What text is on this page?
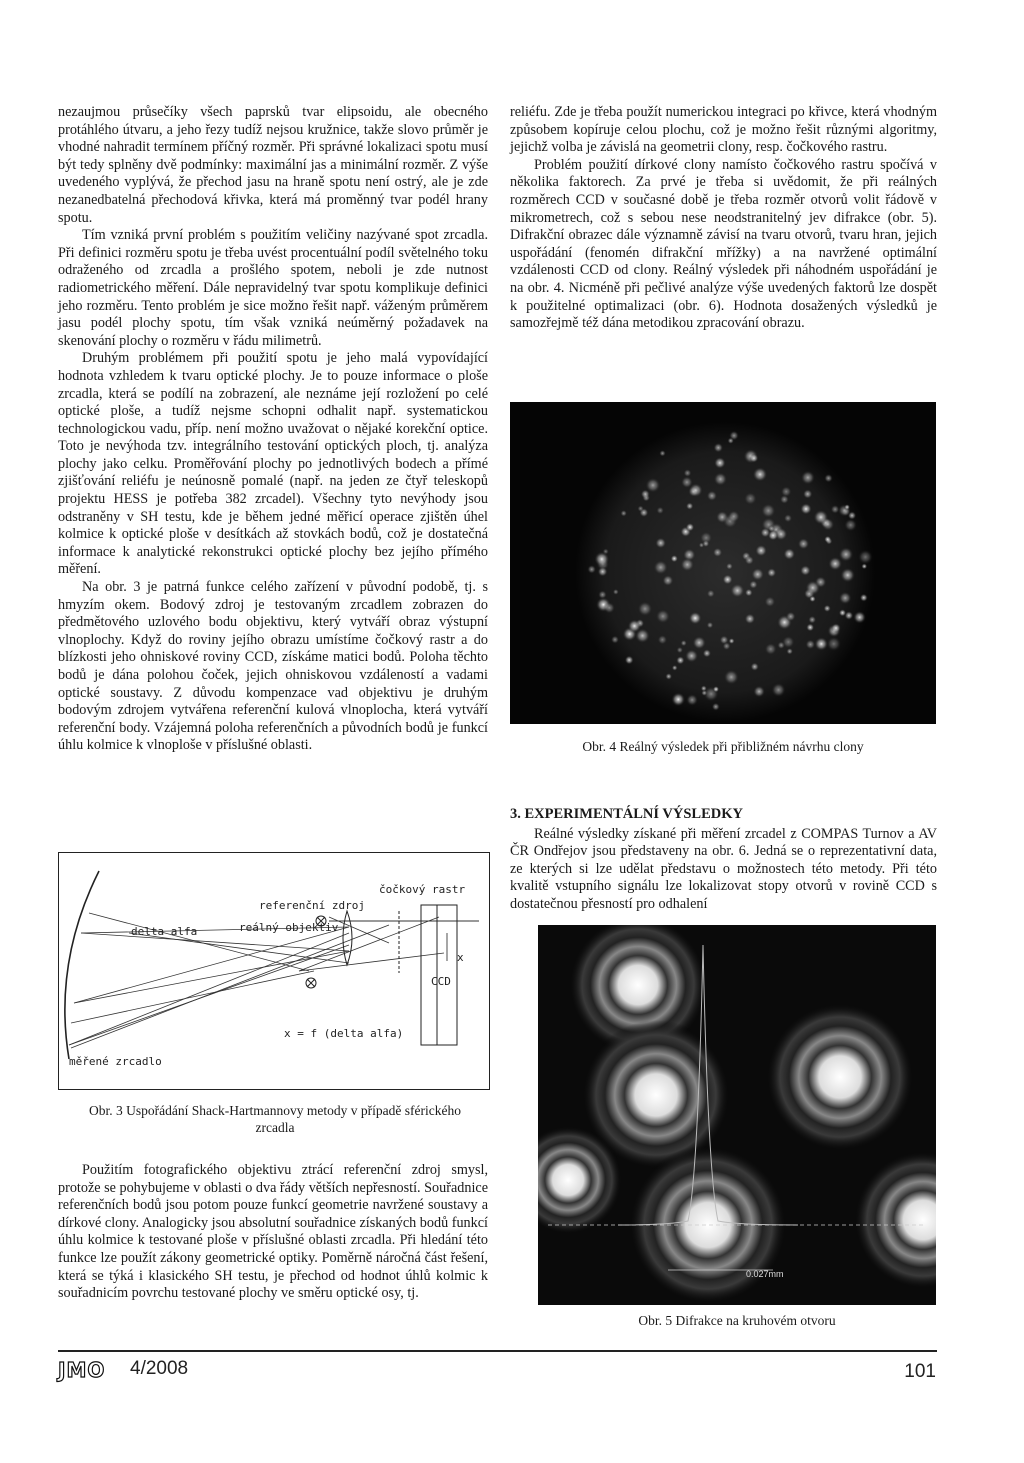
nezaujmou průsečíky všech paprsků tvar elipsoidu, ale obecného protáhlého útvaru, a jeho řezy tudíž nejsou kružnice, takže slovo průměr je vhodné nahradit termínem příčný rozměr. Při správné lokalizaci spotu musí být tedy splněny dvě podmínky: maximální jas a minimální rozměr. Z výše uvedeného vyplývá, že přechod jasu na hraně spotu není ostrý, ale je zde nezanedbatelná přechodová křivka, která má proměnný tvar podél hrany spotu.

Tím vzniká první problém s použitím veličiny nazývané spot zrcadla. Při definici rozměru spotu je třeba uvést procentuální podíl světelného toku odraženého od zrcadla a prošlého spotem, neboli je zde nutnost radiometrického měření. Dále nepravidelný tvar spotu komplikuje definici jeho rozměru. Tento problém je sice možno řešit např. váženým průměrem jasu podél plochy spotu, tím však vzniká neúměrný požadavek na skenování plochy o rozměru v řádu milimetrů.

Druhým problémem při použití spotu je jeho malá vypovídající hodnota vzhledem k tvaru optické plochy. Je to pouze informace o ploše zrcadla, která se podílí na zobrazení, ale neznáme její rozložení po celé optické ploše, a tudíž nejsme schopni odhalit např. systematickou technologickou vadu, příp. není možno uvažovat o nějaké korekční optice. Toto je nevýhoda tzv. integrálního testování optických ploch, tj. analýza plochy jako celku. Proměřování plochy po jednotlivých bodech a přímé zjišťování reliéfu je neúnosně pomalé (např. na jeden ze čtyř teleskopů projektu HESS je potřeba 382 zrcadel). Všechny tyto nevýhody jsou odstraněny v SH testu, kde je během jedné měřicí operace zjištěn úhel kolmice k optické ploše v desítkách až stovkách bodů, což je dostatečná informace k analytické rekonstrukci optické plochy bez jejího přímého měření.

Na obr. 3 je patrná funkce celého zařízení v původní podobě, tj. s hmyzím okem. Bodový zdroj je testovaným zrcadlem zobrazen do předmětového uzlového bodu objektivu, který vytváří obraz výstupní vlnoplochy. Když do roviny jejího obrazu umístíme čočkový rastr a do blízkosti jeho ohniskové roviny CCD, získáme matici bodů. Poloha těchto bodů je dána polohou čoček, jejich ohniskovou vzdáleností a vadami optické soustavy. Z důvodu kompenzace vad objektivu je druhým bodovým zdrojem vytvářena referenční kulová vlnoplocha, která vytváří referenční body. Vzájemná poloha referenčních a původních bodů je funkcí úhlu kolmice k vlnoploše v příslušné oblasti.

referenční zdroj
čočkový rastr
delta alfa	reálný objektiv
x
CCD
x = f (delta alfa)
měřené zrcadlo
Obr. 3 Uspořádání Shack-Hartmannovy metody v případě sférického zrcadla

Použitím fotografického objektivu ztrácí referenční zdroj smysl, protože se pohybujeme v oblasti o dva řády větších nepřesností. Souřadnice referenčních bodů jsou potom pouze funkcí geometrie navržené soustavy a dírkové clony. Analogicky jsou absolutní souřadnice získaných bodů funkcí úhlu kolmice k testované ploše v příslušné oblasti zrcadla. Při hledání této funkce lze použít zákony geometrické optiky. Poměrně náročná část řešení, která se týká i klasického SH testu, je přechod od hodnot úhlů kolmic k souřadnicím povrchu testované plochy ve směru optické osy, tj.

reliéfu. Zde je třeba použít numerickou integraci po křivce, která vhodným způsobem kopíruje celou plochu, což je možno řešit různými algoritmy, jejichž volba je závislá na geometrii clony, resp. čočkového rastru.

Problém použití dírkové clony namísto čočkového rastru spočívá v několika faktorech. Za prvé je třeba si uvědomit, že při reálných rozměrech CCD v současné době je třeba rozměr otvorů volit řádově v mikrometrech, což s sebou nese neodstranitelný jev difrakce (obr. 5). Difrakční obrazec dále významně závisí na tvaru otvorů, tvaru hran, jejich uspořádání (fenomén difrakční mřížky) a na navržené optimální vzdálenosti CCD od clony. Reálný výsledek při náhodném uspořádání je na obr. 4. Nicméně při pečlivé analýze výše uvedených faktorů lze dospět k použitelné optimalizaci (obr. 6). Hodnota dosažených výsledků je samozřejmě též dána metodikou zpracování obrazu.

Obr. 4 Reálný výsledek při přibližném návrhu clony
3. EXPERIMENTÁLNÍ VÝSLEDKY

Reálné výsledky získané při měření zrcadel z COMPAS Turnov a AV ČR Ondřejov jsou představeny na obr. 6. Jedná se o reprezentativní data, ze kterých si lze udělat představu o možnostech této metody. Při této kvalitě vstupního signálu lze lokalizovat stopy otvorů v rovině CCD s dostatečnou přesností pro odhalení

0.027mm
Obr. 5 Difrakce na kruhovém otvoru
JMO 4/2008	101
